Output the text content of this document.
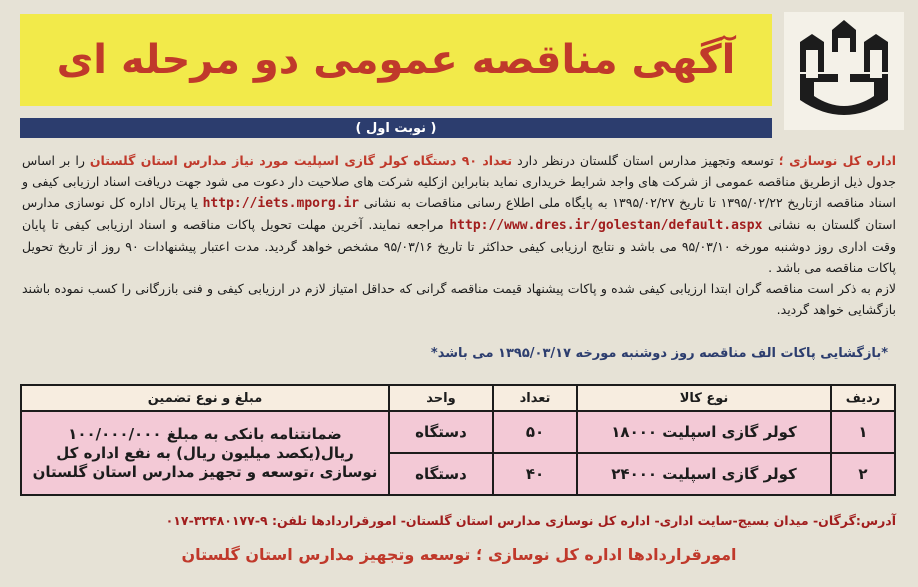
آگهی مناقصه عمومی دو مرحله ای
( نوبت اول )

اداره کل نوسازی ؛ توسعه وتجهیز مدارس استان گلستان درنظر دارد تعداد ۹۰ دستگاه کولر گازی اسپلیت مورد نیاز مدارس استان گلستان را بر اساس جدول ذیل ازطریق مناقصه عمومی از شرکت های واجد شرایط خریداری نماید بنابراین ازکلیه شرکت های صلاحیت دار دعوت می شود جهت دریافت اسناد ارزیابی کیفی و اسناد مناقصه ازتاریخ ۱۳۹۵/۰۲/۲۲ تا تاریخ ۱۳۹۵/۰۲/۲۷ به پایگاه ملی اطلاع رسانی مناقصات به نشانی http://iets.mporg.ir یا پرتال اداره کل نوسازی مدارس استان گلستان به نشانی http://www.dres.ir/golestan/default.aspx مراجعه نمایند. آخرین مهلت تحویل پاکات مناقصه و اسناد ارزیابی کیفی تا پایان وقت اداری روز دوشنبه مورخه ۹۵/۰۳/۱۰ می باشد و نتایج ارزیابی کیفی حداکثر تا تاریخ ۹۵/۰۳/۱۶ مشخص خواهد گردید. مدت اعتبار پیشنهادات ۹۰ روز از تاریخ تحویل پاکات مناقصه می باشد .

لازم به ذکر است مناقصه گران ابتدا ارزیابی کیفی شده و پاکات پیشنهاد قیمت مناقصه گرانی که حداقل امتیاز لازم در ارزیابی کیفی و فنی بازرگانی را کسب نموده باشند بازگشایی خواهد گردید.

*بازگشایی پاکات الف مناقصه روز دوشنبه مورخه ۱۳۹۵/۰۳/۱۷ می باشد*
ردیف	نوع کالا	تعداد	واحد	مبلغ و نوع تضمین
۱	کولر گازی اسپلیت ۱۸۰۰۰	۵۰	دستگاه	ضمانتنامه بانکی به مبلغ ۱۰۰/۰۰۰/۰۰۰ ریال(یکصد میلیون ریال) به نفع اداره کل نوسازی ،توسعه و تجهیز مدارس استان گلستان
۲	کولر گازی اسپلیت ۲۴۰۰۰	۴۰	دستگاه	
آدرس:گرگان- میدان بسیج-سایت اداری- اداره کل نوسازی مدارس استان گلستان- امورقراردادها تلفن: ۹-۳۲۴۸۰۱۷۷-۰۱۷
امورقراردادها اداره کل نوسازی ؛ توسعه وتجهیز مدارس استان گلستان
